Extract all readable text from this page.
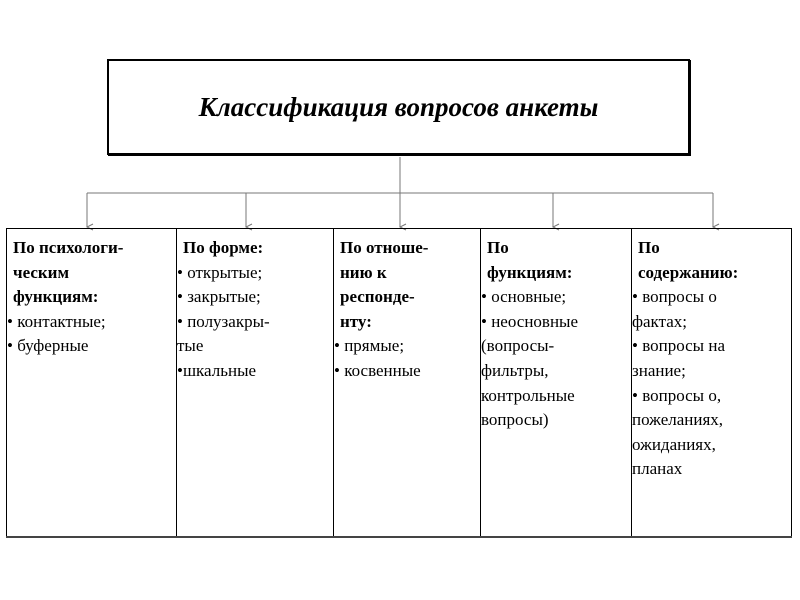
Классификация вопросов анкеты
По психологи-
ческим
функциям:
• контактные;
• буферные
По форме:
• открытые;
• закрытые;
• полузакры-
тые
•шкальные
По отноше-
нию к
респонде-
нту:
• прямые;
• косвенные
По
функциям:
• основные;
• неосновные
(вопросы-
фильтры,
контрольные
вопросы)
По
содержанию:
• вопросы о
фактах;
• вопросы на
знание;
• вопросы о,
пожеланиях,
ожиданиях,
планах
